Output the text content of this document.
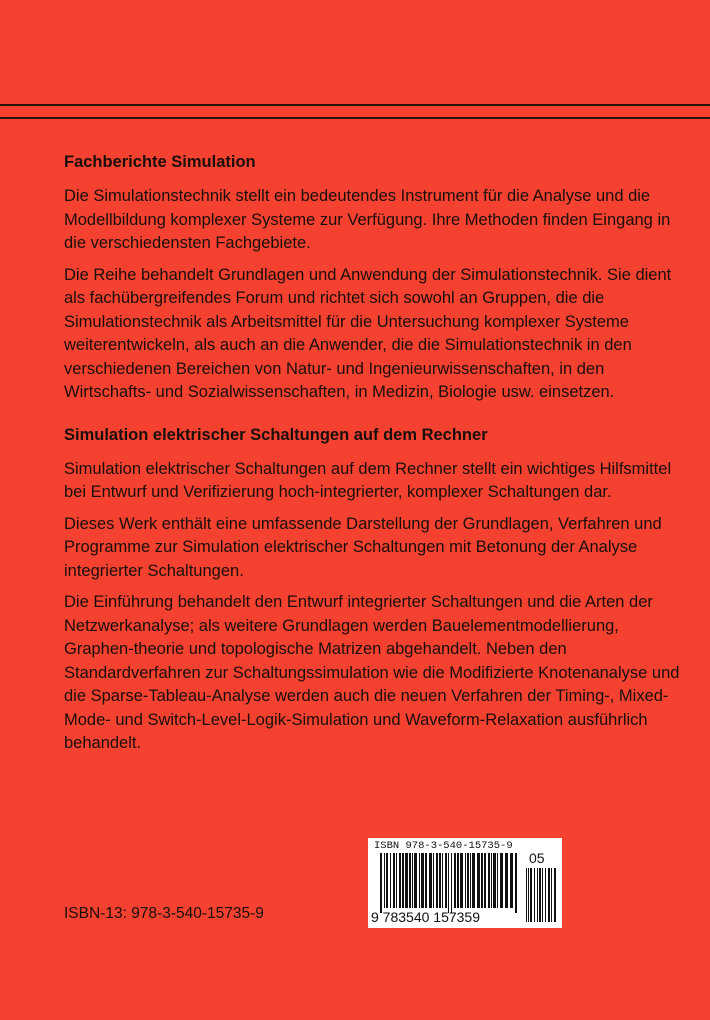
Fachberichte Simulation

Die Simulationstechnik stellt ein bedeutendes Instrument für die Analyse und die Modellbildung komplexer Systeme zur Verfügung. Ihre Methoden finden Eingang in die verschiedensten Fachgebiete.

Die Reihe behandelt Grundlagen und Anwendung der Simulationstechnik. Sie dient als fachübergreifendes Forum und richtet sich sowohl an Gruppen, die die Simulationstechnik als Arbeitsmittel für die Untersuchung komplexer Systeme weiterentwickeln, als auch an die Anwender, die die Simulationstechnik in den verschiedenen Bereichen von Natur- und Ingenieurwissenschaften, in den Wirtschafts- und Sozialwissenschaften, in Medizin, Biologie usw. einsetzen.

Simulation elektrischer Schaltungen auf dem Rechner

Simulation elektrischer Schaltungen auf dem Rechner stellt ein wichtiges Hilfsmittel bei Entwurf und Verifizierung hoch-integrierter, komplexer Schaltungen dar.

Dieses Werk enthält eine umfassende Darstellung der Grundlagen, Verfahren und Programme zur Simulation elektrischer Schaltungen mit Betonung der Analyse integrierter Schaltungen.

Die Einführung behandelt den Entwurf integrierter Schaltungen und die Arten der Netzwerkanalyse; als weitere Grundlagen werden Bauelementmodellierung, Graphen-theorie und topologische Matrizen abgehandelt. Neben den Standardverfahren zur Schaltungssimulation wie die Modifizierte Knotenanalyse und die Sparse-Tableau-Analyse werden auch die neuen Verfahren der Timing-, Mixed-Mode- und Switch-Level-Logik-Simulation und Waveform-Relaxation ausführlich behandelt.

ISBN-13: 978-3-540-15735-9
ISBN 978-3-540-15735-9
05
9 783540 157359
